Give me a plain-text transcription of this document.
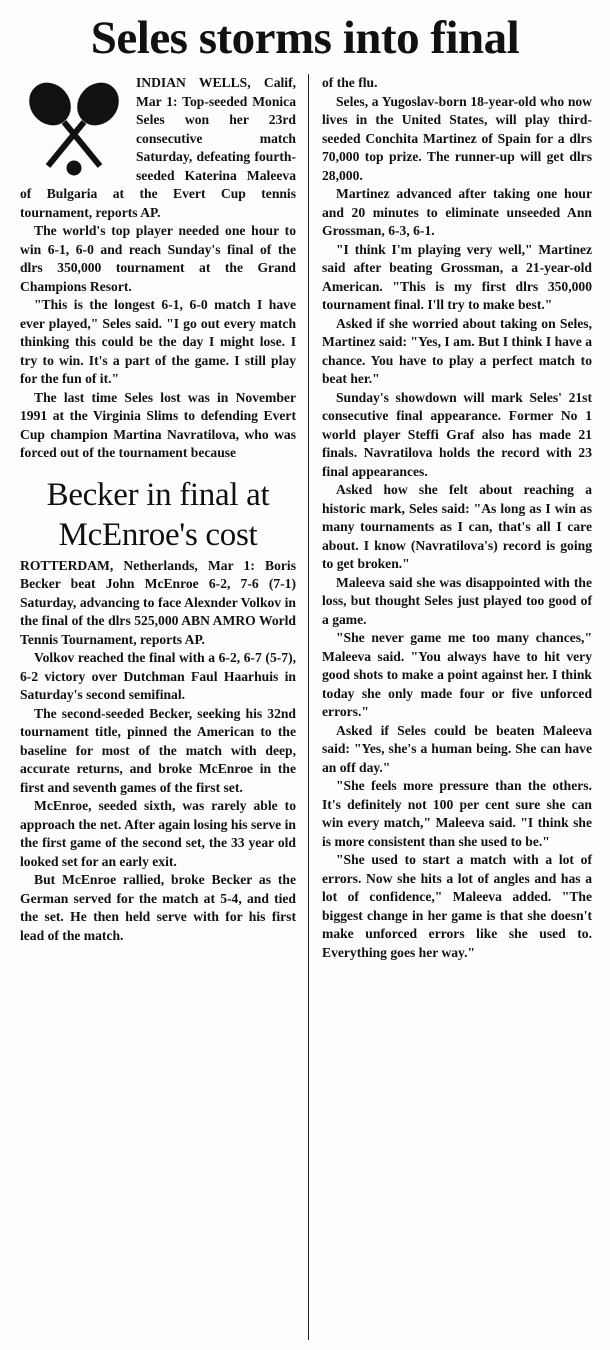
Seles storms into final

INDIAN WELLS, Calif, Mar 1: Top-seeded Monica Seles won her 23rd consecutive match Saturday, defeating fourth-seeded Katerina Maleeva of Bulgaria at the Evert Cup tennis tournament, reports AP.

The world's top player needed one hour to win 6-1, 6-0 and reach Sunday's final of the dlrs 350,000 tournament at the Grand Champions Resort.

"This is the longest 6-1, 6-0 match I have ever played," Seles said. "I go out every match thinking this could be the day I might lose. I try to win. It's a part of the game. I still play for the fun of it."

The last time Seles lost was in November 1991 at the Virginia Slims to defending Evert Cup champion Martina Navratilova, who was forced out of the tournament because

Becker in final at McEnroe's cost

ROTTERDAM, Netherlands, Mar 1: Boris Becker beat John McEnroe 6-2, 7-6 (7-1) Saturday, advancing to face Alexnder Volkov in the final of the dlrs 525,000 ABN AMRO World Tennis Tournament, reports AP.

Volkov reached the final with a 6-2, 6-7 (5-7), 6-2 victory over Dutchman Faul Haarhuis in Saturday's second semifinal.

The second-seeded Becker, seeking his 32nd tournament title, pinned the American to the baseline for most of the match with deep, accurate returns, and broke McEnroe in the first and seventh games of the first set.

McEnroe, seeded sixth, was rarely able to approach the net. After again losing his serve in the first game of the second set, the 33 year old looked set for an early exit.

But McEnroe rallied, broke Becker as the German served for the match at 5-4, and tied the set. He then held serve with for his first lead of the match.

of the flu.

Seles, a Yugoslav-born 18-year-old who now lives in the United States, will play third-seeded Conchita Martinez of Spain for a dlrs 70,000 top prize. The runner-up will get dlrs 28,000.

Martinez advanced after taking one hour and 20 minutes to eliminate unseeded Ann Grossman, 6-3, 6-1.

"I think I'm playing very well," Martinez said after beating Grossman, a 21-year-old American. "This is my first dlrs 350,000 tournament final. I'll try to make best."

Asked if she worried about taking on Seles, Martinez said: "Yes, I am. But I think I have a chance. You have to play a perfect match to beat her."

Sunday's showdown will mark Seles' 21st consecutive final appearance. Former No 1 world player Steffi Graf also has made 21 finals. Navratilova holds the record with 23 final appearances.

Asked how she felt about reaching a historic mark, Seles said: "As long as I win as many tournaments as I can, that's all I care about. I know (Navratilova's) record is going to get broken."

Maleeva said she was disappointed with the loss, but thought Seles just played too good of a game.

"She never game me too many chances," Maleeva said. "You always have to hit very good shots to make a point against her. I think today she only made four or five unforced errors."

Asked if Seles could be beaten Maleeva said: "Yes, she's a human being. She can have an off day."

"She feels more pressure than the others. It's definitely not 100 per cent sure she can win every match," Maleeva said. "I think she is more consistent than she used to be."

"She used to start a match with a lot of errors. Now she hits a lot of angles and has a lot of confidence," Maleeva added. "The biggest change in her game is that she doesn't make unforced errors like she used to. Everything goes her way."
